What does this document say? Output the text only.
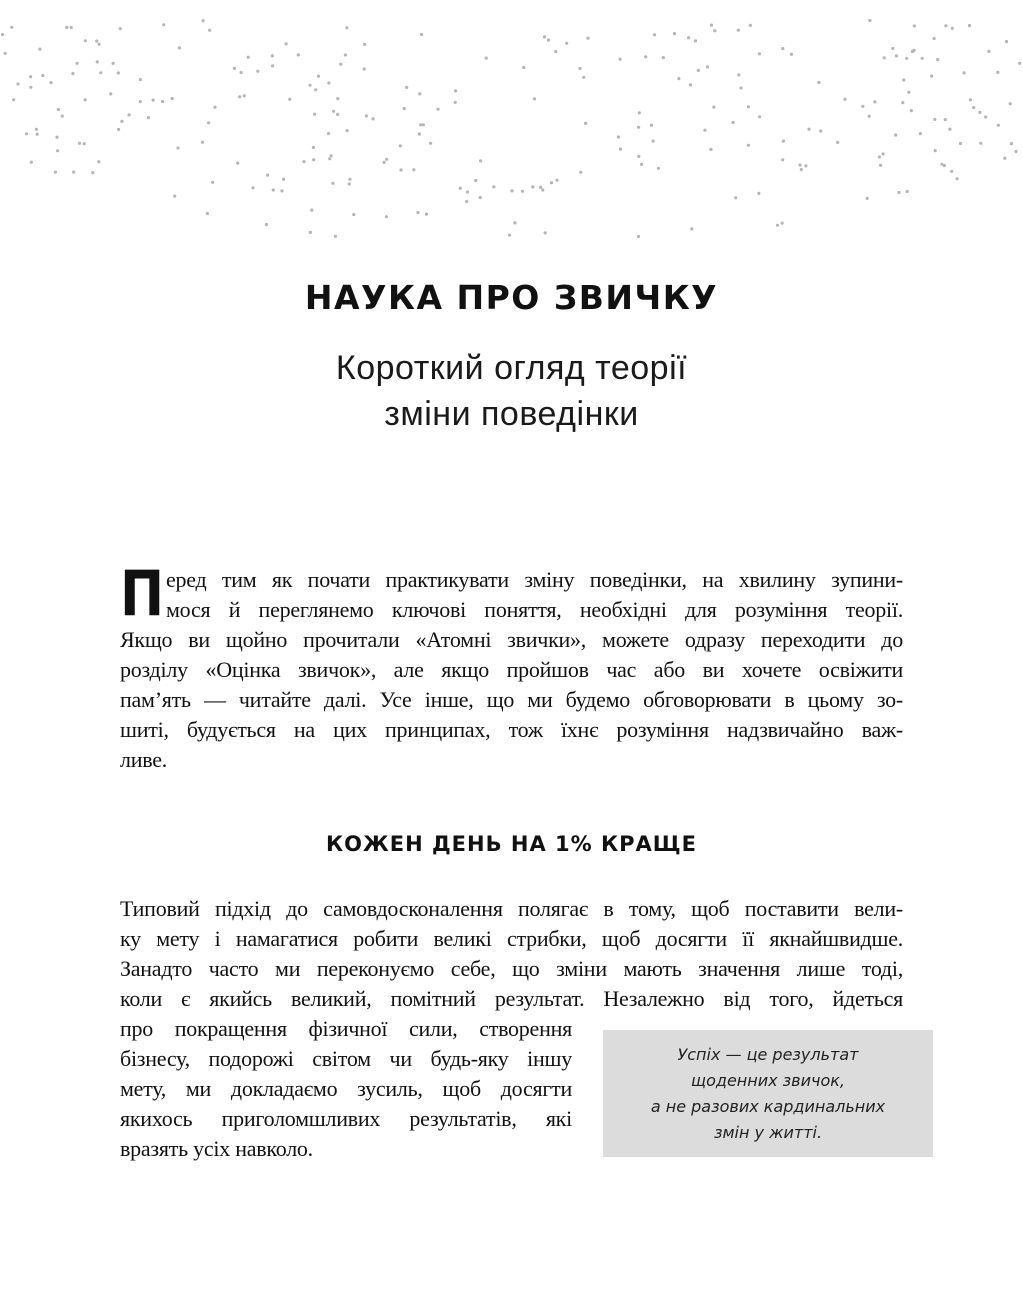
НАУКА ПРО ЗВИЧКУ
Короткий огляд теорії
зміни поведінки
П еред тим як почати практикувати зміну поведінки, на хвилину зупини-
мося й переглянемо ключові поняття, необхідні для розуміння теорії.
Якщо ви щойно прочитали «Атомні звички», можете одразу переходити до
розділу «Оцінка звичок», але якщо пройшов час або ви хочете освіжити
пам’ять — читайте далі. Усе інше, що ми будемо обговорювати в цьому зо-
шиті, будується на цих принципах, тож їхнє розуміння надзвичайно важ-
ливе.
КОЖЕН ДЕНЬ НА 1% КРАЩЕ
Типовий підхід до самовдосконалення полягає в тому, щоб поставити вели-
ку мету і намагатися робити великі стрибки, щоб досягти її якнайшвидше.
Занадто часто ми переконуємо себе, що зміни мають значення лише тоді,
коли є якийсь великий, помітний результат. Незалежно від того, йдеться
про покращення фізичної сили, створення
бізнесу, подорожі світом чи будь-яку іншу
мету, ми докладаємо зусиль, щоб досягти
якихось приголомшливих результатів, які
вразять усіх навколо.
Успіх — це результат
щоденних звичок,
а не разових кардинальних
змін у житті.
